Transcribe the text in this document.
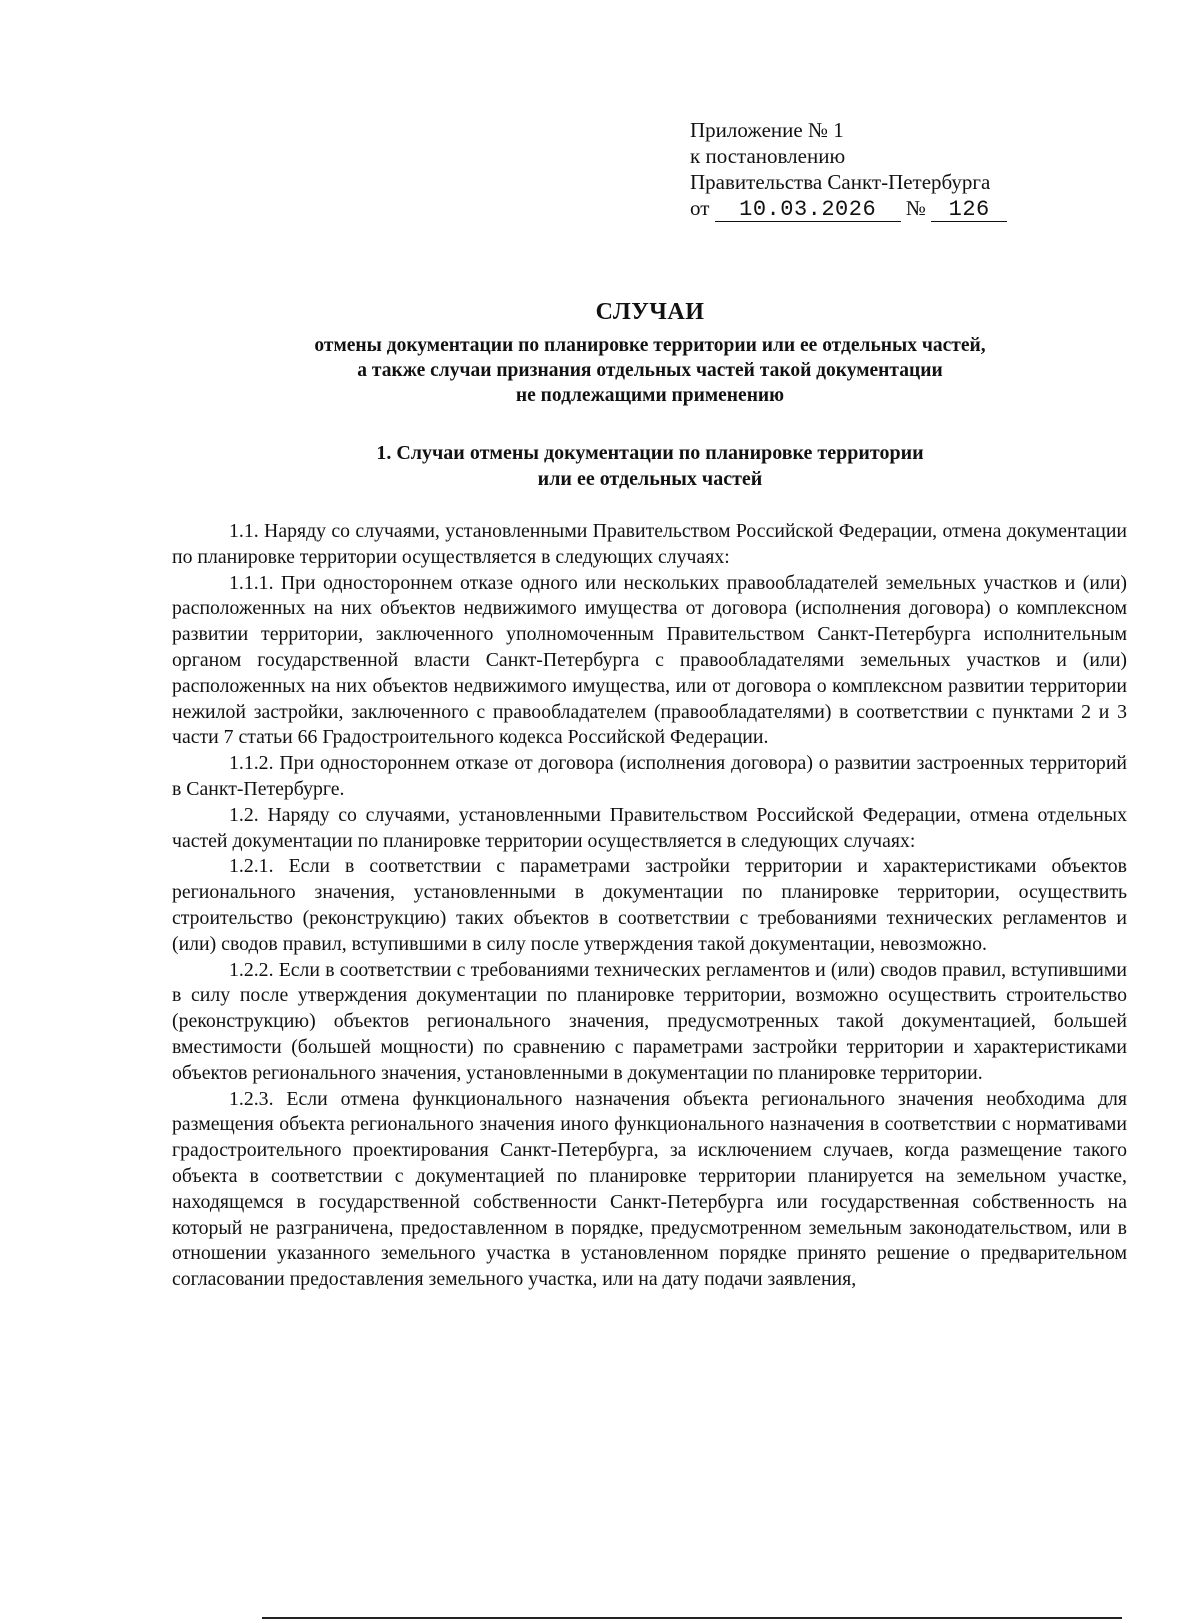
Приложение № 1
к постановлению
Правительства Санкт-Петербурга
от 10.03.2026 № 126
СЛУЧАИ
отмены документации по планировке территории или ее отдельных частей,
а также случаи признания отдельных частей такой документации
не подлежащими применению
1. Случаи отмены документации по планировке территории
или ее отдельных частей

1.1. Наряду со случаями, установленными Правительством Российской Федерации, отмена документации по планировке территории осуществляется в следующих случаях:

1.1.1. При одностороннем отказе одного или нескольких правообладателей земельных участков и (или) расположенных на них объектов недвижимого имущества от договора (исполнения договора) о комплексном развитии территории, заключенного уполномоченным Правительством Санкт-Петербурга исполнительным органом государственной власти Санкт-Петербурга с правообладателями земельных участков и (или) расположенных на них объектов недвижимого имущества, или от договора о комплексном развитии территории нежилой застройки, заключенного с правообладателем (правообладателями) в соответствии с пунктами 2 и 3 части 7 статьи 66 Градостроительного кодекса Российской Федерации.

1.1.2. При одностороннем отказе от договора (исполнения договора) о развитии застроенных территорий в Санкт-Петербурге.

1.2. Наряду со случаями, установленными Правительством Российской Федерации, отмена отдельных частей документации по планировке территории осуществляется в следующих случаях:

1.2.1. Если в соответствии с параметрами застройки территории и характеристиками объектов регионального значения, установленными в документации по планировке территории, осуществить строительство (реконструкцию) таких объектов в соответствии с требованиями технических регламентов и (или) сводов правил, вступившими в силу после утверждения такой документации, невозможно.

1.2.2. Если в соответствии с требованиями технических регламентов и (или) сводов правил, вступившими в силу после утверждения документации по планировке территории, возможно осуществить строительство (реконструкцию) объектов регионального значения, предусмотренных такой документацией, большей вместимости (большей мощности) по сравнению с параметрами застройки территории и характеристиками объектов регионального значения, установленными в документации по планировке территории.

1.2.3. Если отмена функционального назначения объекта регионального значения необходима для размещения объекта регионального значения иного функционального назначения в соответствии с нормативами градостроительного проектирования Санкт-Петербурга, за исключением случаев, когда размещение такого объекта в соответствии с документацией по планировке территории планируется на земельном участке, находящемся в государственной собственности Санкт-Петербурга или государственная собственность на который не разграничена, предоставленном в порядке, предусмотренном земельным законодательством, или в отношении указанного земельного участка в установленном порядке принято решение о предварительном согласовании предоставления земельного участка, или на дату подачи заявления,
